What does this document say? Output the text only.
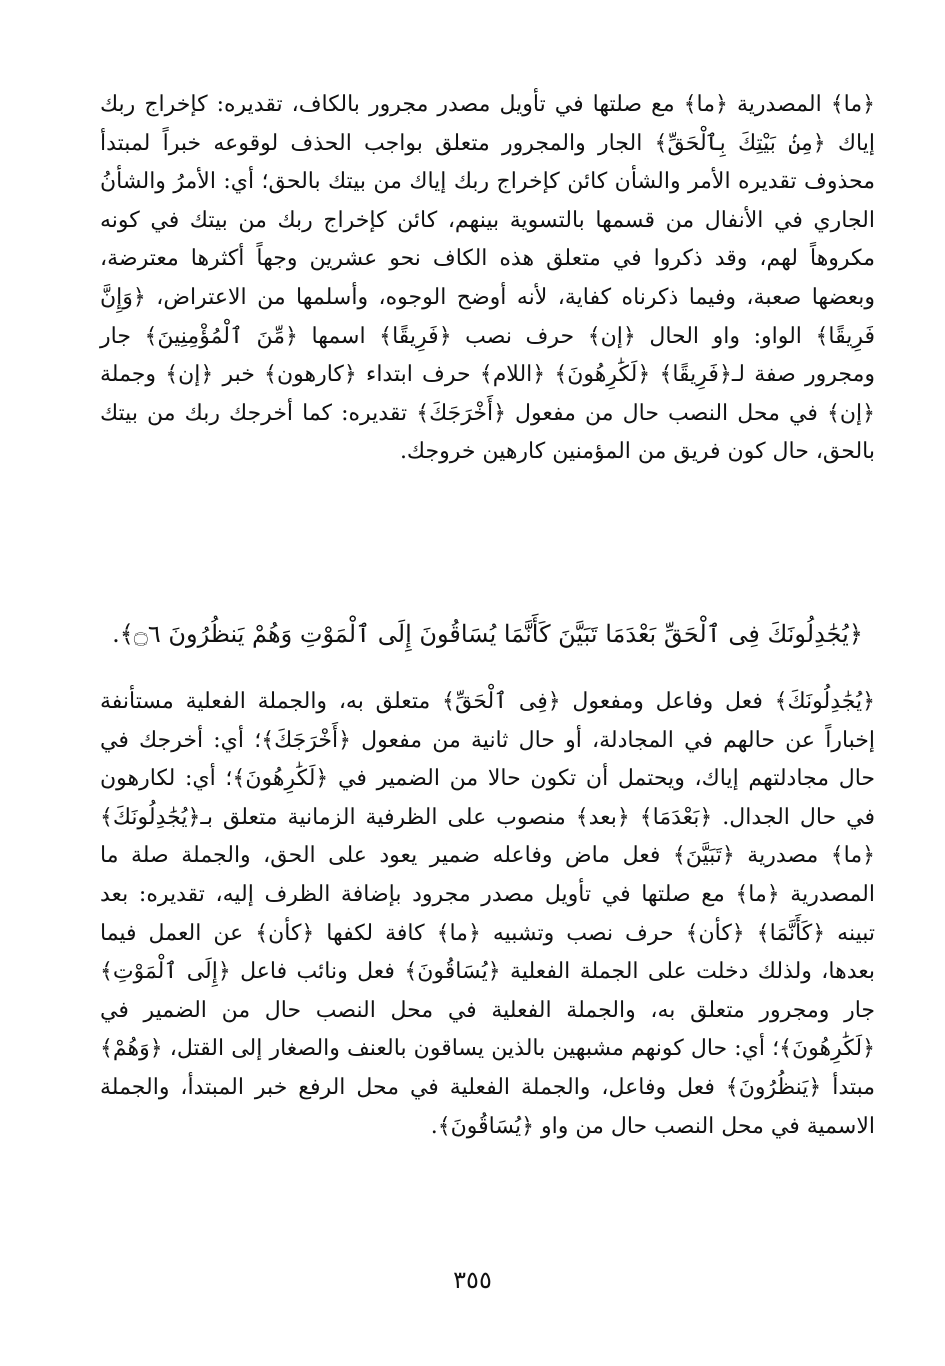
﴿ما﴾ المصدرية ﴿ما﴾ مع صلتها في تأويل مصدر مجرور بالكاف، تقديره: كإخراج ربك إياك ﴿مِنۢ بَيْتِكَ بِٱلْحَقِّ﴾ الجار والمجرور متعلق بواجب الحذف لوقوعه خبراً لمبتدأ محذوف تقديره الأمر والشأن كائن كإخراج ربك إياك من بيتك بالحق؛ أي: الأمرُ والشأنُ الجاري في الأنفال من قسمها بالتسوية بينهم، كائن كإخراج ربك من بيتك في كونه مكروهاً لهم، وقد ذكروا في متعلق هذه الكاف نحو عشرين وجهاً أكثرها معترضة، وبعضها صعبة، وفيما ذكرناه كفاية، لأنه أوضح الوجوه، وأسلمها من الاعتراض، ﴿وَإِنَّ فَرِيقًا﴾ الواو: واو الحال ﴿إن﴾ حرف نصب ﴿فَرِيقًا﴾ اسمها ﴿مِّنَ ٱلْمُؤْمِنِينَ﴾ جار ومجرور صفة لـ﴿فَرِيقًا﴾ ﴿لَكَٰرِهُونَ﴾ ﴿اللام﴾ حرف ابتداء ﴿كارهون﴾ خبر ﴿إن﴾ وجملة ﴿إن﴾ في محل النصب حال من مفعول ﴿أَخْرَجَكَ﴾ تقديره: كما أخرجك ربك من بيتك بالحق، حال كون فريق من المؤمنين كارهين خروجك.

﴿يُجَٰدِلُونَكَ فِى ٱلْحَقِّ بَعْدَمَا تَبَيَّنَ كَأَنَّمَا يُسَاقُونَ إِلَى ٱلْمَوْتِ وَهُمْ يَنظُرُونَ ۝٦﴾.

﴿يُجَٰدِلُونَكَ﴾ فعل وفاعل ومفعول ﴿فِى ٱلْحَقِّ﴾ متعلق به، والجملة الفعلية مستأنفة إخباراً عن حالهم في المجادلة، أو حال ثانية من مفعول ﴿أَخْرَجَكَ﴾؛ أي: أخرجك في حال مجادلتهم إياك، ويحتمل أن تكون حالا من الضمير في ﴿لَكَٰرِهُونَ﴾؛ أي: لكارهون في حال الجدال. ﴿بَعْدَمَا﴾ ﴿بعد﴾ منصوب على الظرفية الزمانية متعلق بـ﴿يُجَٰدِلُونَكَ﴾ ﴿ما﴾ مصدرية ﴿تَبَيَّنَ﴾ فعل ماض وفاعله ضمير يعود على الحق، والجملة صلة ما المصدرية ﴿ما﴾ مع صلتها في تأويل مصدر مجرود بإضافة الظرف إليه، تقديره: بعد تبينه ﴿كَأَنَّمَا﴾ ﴿كأن﴾ حرف نصب وتشبيه ﴿ما﴾ كافة لكفها ﴿كأن﴾ عن العمل فيما بعدها، ولذلك دخلت على الجملة الفعلية ﴿يُسَاقُونَ﴾ فعل ونائب فاعل ﴿إِلَى ٱلْمَوْتِ﴾ جار ومجرور متعلق به، والجملة الفعلية في محل النصب حال من الضمير في ﴿لَكَٰرِهُونَ﴾؛ أي: حال كونهم مشبهين بالذين يساقون بالعنف والصغار إلى القتل، ﴿وَهُمْ﴾ مبتدأ ﴿يَنظُرُونَ﴾ فعل وفاعل، والجملة الفعلية في محل الرفع خبر المبتدأ، والجملة الاسمية في محل النصب حال من واو ﴿يُسَاقُونَ﴾.

٣٥٥
